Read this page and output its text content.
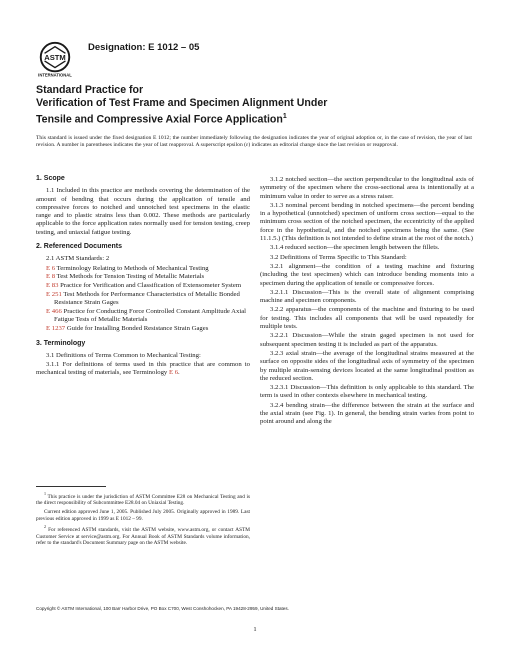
ASTM
INTERNATIONAL
Designation: E 1012 – 05
Standard Practice for
Verification of Test Frame and Specimen Alignment Under
Tensile and Compressive Axial Force Application$^1$
This standard is issued under the fixed designation E 1012; the number immediately following the designation indicates the year of original adoption or, in the case of revision, the year of last revision. A number in parentheses indicates the year of last reapproval. A superscript epsilon (ε) indicates an editorial change since the last revision or reapproval.
1. Scope
1.1 Included in this practice are methods covering the determination of the amount of bending that occurs during the application of tensile and compressive forces to notched and unnotched test specimens in the elastic range and to plastic strains less than 0.002. These methods are particularly applicable to the force application rates normally used for tension testing, creep testing, and uniaxial fatigue testing.
2. Referenced Documents
2.1 ASTM Standards: 2
E 6 Terminology Relating to Methods of Mechanical Testing
E 8 Test Methods for Tension Testing of Metallic Materials
E 83 Practice for Verification and Classification of Extensometer System
E 251 Test Methods for Performance Characteristics of Metallic Bonded Resistance Strain Gages
E 466 Practice for Conducting Force Controlled Constant Amplitude Axial Fatigue Tests of Metallic Materials
E 1237 Guide for Installing Bonded Resistance Strain Gages
3. Terminology
3.1 Definitions of Terms Common to Mechanical Testing:
3.1.1 For definitions of terms used in this practice that are common to mechanical testing of materials, see Terminology E 6.
$^1$ This practice is under the jurisdiction of ASTM Committee E28 on Mechanical Testing and is the direct responsibility of Subcommittee E28.04 on Uniaxial Testing.
Current edition approved June 1, 2005. Published July 2005. Originally approved in 1989. Last previous edition approved in 1999 as E 1012 – 99.
$^2$ For referenced ASTM standards, visit the ASTM website, www.astm.org, or contact ASTM Customer Service at service@astm.org. For Annual Book of ASTM Standards volume information, refer to the standard's Document Summary page on the ASTM website.
3.1.2 notched section—the section perpendicular to the longitudinal axis of symmetry of the specimen where the cross-sectional area is intentionally at a minimum value in order to serve as a stress raiser.
3.1.3 nominal percent bending in notched specimens—the percent bending in a hypothetical (unnotched) specimen of uniform cross section—equal to the minimum cross section of the notched specimen, the eccentricity of the applied force in the hypothetical, and the notched specimens being the same. (See 11.1.5.) (This definition is not intended to define strain at the root of the notch.)
3.1.4 reduced section—the specimen length between the fillets.
3.2 Definitions of Terms Specific to This Standard:
3.2.1 alignment—the condition of a testing machine and fixturing (including the test specimen) which can introduce bending moments into a specimen during the application of tensile or compressive forces.
3.2.1.1 Discussion—This is the overall state of alignment comprising machine and specimen components.
3.2.2 apparatus—the components of the machine and fixturing to be used for testing. This includes all components that will be used repeatedly for multiple tests.
3.2.2.1 Discussion—While the strain gaged specimen is not used for subsequent specimen testing it is included as part of the apparatus.
3.2.3 axial strain—the average of the longitudinal strains measured at the surface on opposite sides of the longitudinal axis of symmetry of the specimen by multiple strain-sensing devices located at the same longitudinal position as the reduced section.
3.2.3.1 Discussion—This definition is only applicable to this standard. The term is used in other contexts elsewhere in mechanical testing.
3.2.4 bending strain—the difference between the strain at the surface and the axial strain (see Fig. 1). In general, the bending strain varies from point to point around and along the
Copyright © ASTM International, 100 Barr Harbor Drive, PO Box C700, West Conshohocken, PA 19428-2959, United States.
1
